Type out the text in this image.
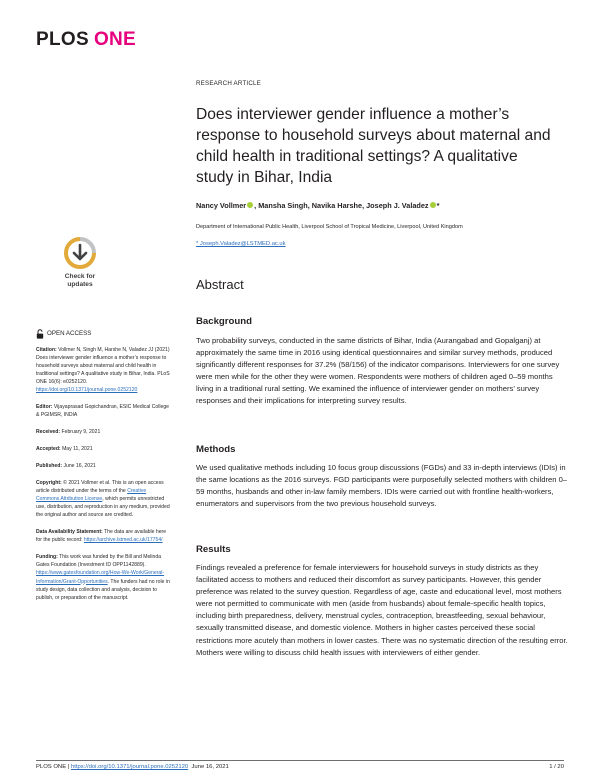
PLOS ONE
RESEARCH ARTICLE
Does interviewer gender influence a mother’s response to household surveys about maternal and child health in traditional settings? A qualitative study in Bihar, India
Nancy Vollmer , Mansha Singh, Navika Harshe, Joseph J. Valadez *
Department of International Public Health, Liverpool School of Tropical Medicine, Liverpool, United Kingdom
* Joseph.Valadez@LSTMED.ac.uk
Abstract
Background

Two probability surveys, conducted in the same districts of Bihar, India (Aurangabad and Gopalganj) at approximately the same time in 2016 using identical questionnaires and similar survey methods, produced significantly different responses for 37.2% (58/156) of the indicator comparisons. Interviewers for one survey were men while for the other they were women. Respondents were mothers of children aged 0–59 months living in a traditional rural setting. We examined the influence of interviewer gender on mothers’ survey responses and their implications for interpreting survey results.

Methods

We used qualitative methods including 10 focus group discussions (FGDs) and 33 in-depth interviews (IDIs) in the same locations as the 2016 surveys. FGD participants were purposefully selected mothers with children 0–59 months, husbands and other in-law family members. IDIs were carried out with frontline health-workers, enumerators and supervisors from the two previous household surveys.

Results

Findings revealed a preference for female interviewers for household surveys in study districts as they facilitated access to mothers and reduced their discomfort as survey participants. However, this gender preference was related to the survey question. Regardless of age, caste and educational level, most mothers were not permitted to communicate with men (aside from husbands) about female-specific health topics, including birth preparedness, delivery, menstrual cycles, contraception, breastfeeding, sexual behaviour, sexually transmitted disease, and domestic violence. Mothers in higher castes perceived these social restrictions more acutely than mothers in lower castes. There was no systematic direction of the resulting error. Mothers were willing to discuss child health issues with interviewers of either gender.

Check for
updates
OPEN ACCESS
Citation: Vollmer N, Singh M, Harshe N, Valadez JJ (2021) Does interviewer gender influence a mother’s response to household surveys about maternal and child health in traditional settings? A qualitative study in Bihar, India. PLoS ONE 16(6): e0252120. https://doi.org/10.1371/journal.pone.0252120
Editor: Vijayaprasad Gopichandran, ESIC Medical College & PGIMSR, INDIA
Received: February 9, 2021
Accepted: May 11, 2021
Published: June 16, 2021
Copyright: © 2021 Vollmer et al. This is an open access article distributed under the terms of the Creative Commons Attribution License, which permits unrestricted use, distribution, and reproduction in any medium, provided the original author and source are credited.
Data Availability Statement: The data are available here for the public record: https://archive.lstmed.ac.uk/17754/
Funding: This work was funded by the Bill and Melinda Gates Foundation (Investment ID OPP1142889). https://www.gatesfoundation.org/How-We-Work/General-Information/Grant-Opportunities. The funders had no role in study design, data collection and analysis, decision to publish, or preparation of the manuscript.
PLOS ONE | https://doi.org/10.1371/journal.pone.0252120 June 16, 2021	1 / 20
